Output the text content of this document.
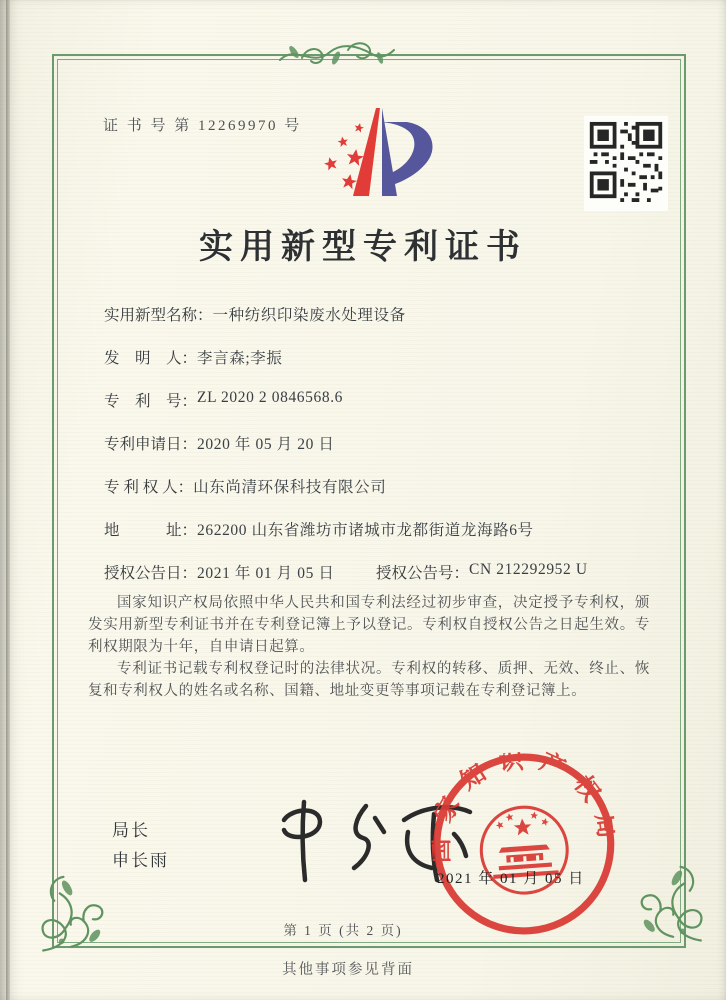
证 书 号 第 12269970 号
实用新型专利证书
实用新型名称： 一种纺织印染废水处理设备
发　明　人： 李言森;李振
专　利　号： ZL 2020 2 0846568.6
专利申请日： 2020 年 05 月 20 日
专 利 权 人： 山东尚清环保科技有限公司
地　　　址： 262200 山东省潍坊市诸城市龙都街道龙海路6号
授权公告日： 2021 年 01 月 05 日	授权公告号： CN 212292952 U

国家知识产权局依照中华人民共和国专利法经过初步审查，决定授予专利权，颁发实用新型专利证书并在专利登记簿上予以登记。专利权自授权公告之日起生效。专利权期限为十年，自申请日起算。

专利证书记载专利权登记时的法律状况。专利权的转移、质押、无效、终止、恢复和专利权人的姓名或名称、国籍、地址变更等事项记载在专利登记簿上。

局长
申长雨	国家知识产权局
2021 年 01 月 05 日
第 1 页 (共 2 页)
其他事项参见背面
